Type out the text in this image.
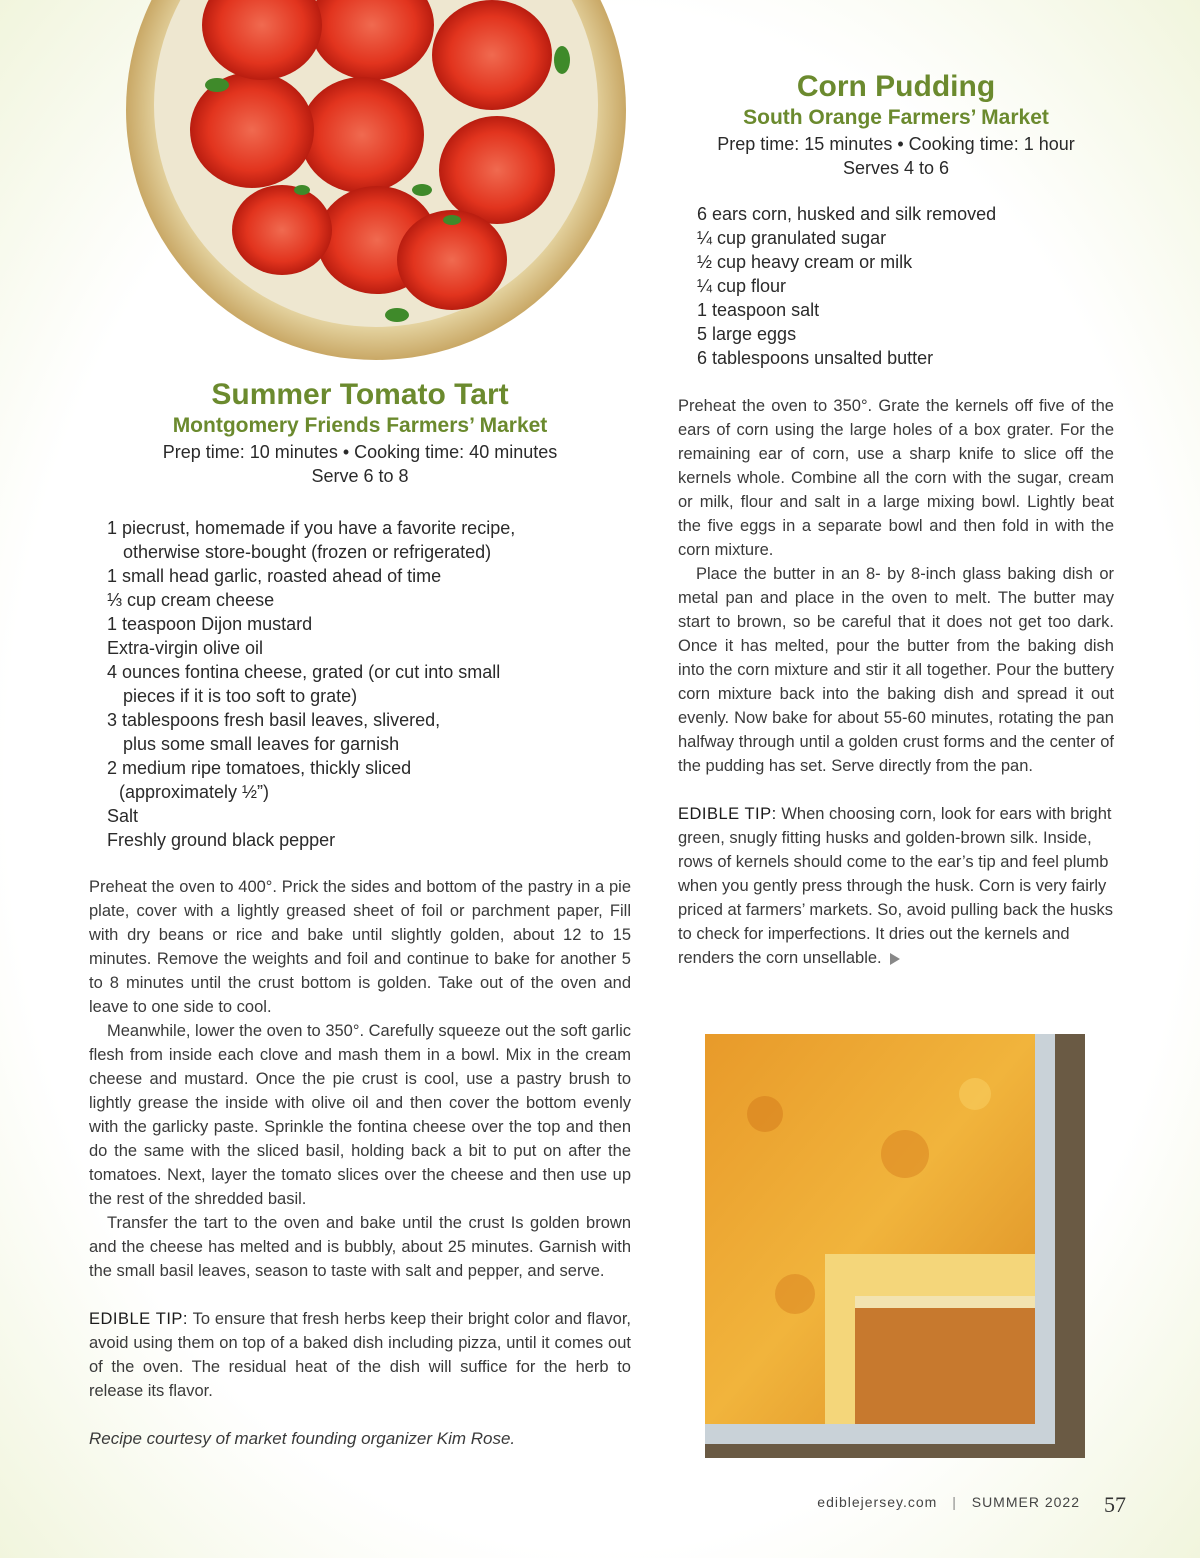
Summer Tomato Tart
Montgomery Friends Farmers’ Market

Prep time: 10 minutes • Cooking time: 40 minutes

Serve 6 to 8

1 piecrust, homemade if you have a favorite recipe,
otherwise store-bought (frozen or refrigerated)
1 small head garlic, roasted ahead of time
⅓ cup cream cheese
1 teaspoon Dijon mustard
Extra-virgin olive oil
4 ounces fontina cheese, grated (or cut into small
pieces if it is too soft to grate)
3 tablespoons fresh basil leaves, slivered,
plus some small leaves for garnish
2 medium ripe tomatoes, thickly sliced
(approximately ½”)
Salt
Freshly ground black pepper

Preheat the oven to 400°. Prick the sides and bottom of the pastry in a pie plate, cover with a lightly greased sheet of foil or parchment paper, Fill with dry beans or rice and bake until slightly golden, about 12 to 15 minutes. Remove the weights and foil and continue to bake for another 5 to 8 minutes until the crust bottom is golden. Take out of the oven and leave to one side to cool.

Meanwhile, lower the oven to 350°. Carefully squeeze out the soft garlic flesh from inside each clove and mash them in a bowl. Mix in the cream cheese and mustard. Once the pie crust is cool, use a pastry brush to lightly grease the inside with olive oil and then cover the bottom evenly with the garlicky paste. Sprinkle the fontina cheese over the top and then do the same with the sliced basil, holding back a bit to put on after the tomatoes. Next, layer the tomato slices over the cheese and then use up the rest of the shredded basil.

Transfer the tart to the oven and bake until the crust Is golden brown and the cheese has melted and is bubbly, about 25 minutes. Garnish with the small basil leaves, season to taste with salt and pepper, and serve.

EDIBLE TIP: To ensure that fresh herbs keep their bright color and flavor, avoid using them on top of a baked dish including pizza, until it comes out of the oven. The residual heat of the dish will suffice for the herb to release its flavor.

Recipe courtesy of market founding organizer Kim Rose.

Corn Pudding
South Orange Farmers’ Market

Prep time: 15 minutes • Cooking time: 1 hour

Serves 4 to 6

6 ears corn, husked and silk removed
¼ cup granulated sugar
½ cup heavy cream or milk
¼ cup flour
1 teaspoon salt
5 large eggs
6 tablespoons unsalted butter

Preheat the oven to 350°. Grate the kernels off five of the ears of corn using the large holes of a box grater. For the remaining ear of corn, use a sharp knife to slice off the kernels whole. Combine all the corn with the sugar, cream or milk, flour and salt in a large mixing bowl. Lightly beat the five eggs in a separate bowl and then fold in with the corn mixture.

Place the butter in an 8- by 8-inch glass baking dish or metal pan and place in the oven to melt. The butter may start to brown, so be careful that it does not get too dark. Once it has melted, pour the butter from the baking dish into the corn mixture and stir it all together. Pour the buttery corn mixture back into the baking dish and spread it out evenly. Now bake for about 55-60 minutes, rotating the pan halfway through until a golden crust forms and the center of the pudding has set. Serve directly from the pan.

EDIBLE TIP: When choosing corn, look for ears with bright green, snugly fitting husks and golden-brown silk. Inside, rows of kernels should come to the ear’s tip and feel plumb when you gently press through the husk. Corn is very fairly priced at farmers’ markets. So, avoid pulling back the husks to check for imperfections. It dries out the kernels and renders the corn unsellable.

ediblejersey.com | SUMMER 2022 57
